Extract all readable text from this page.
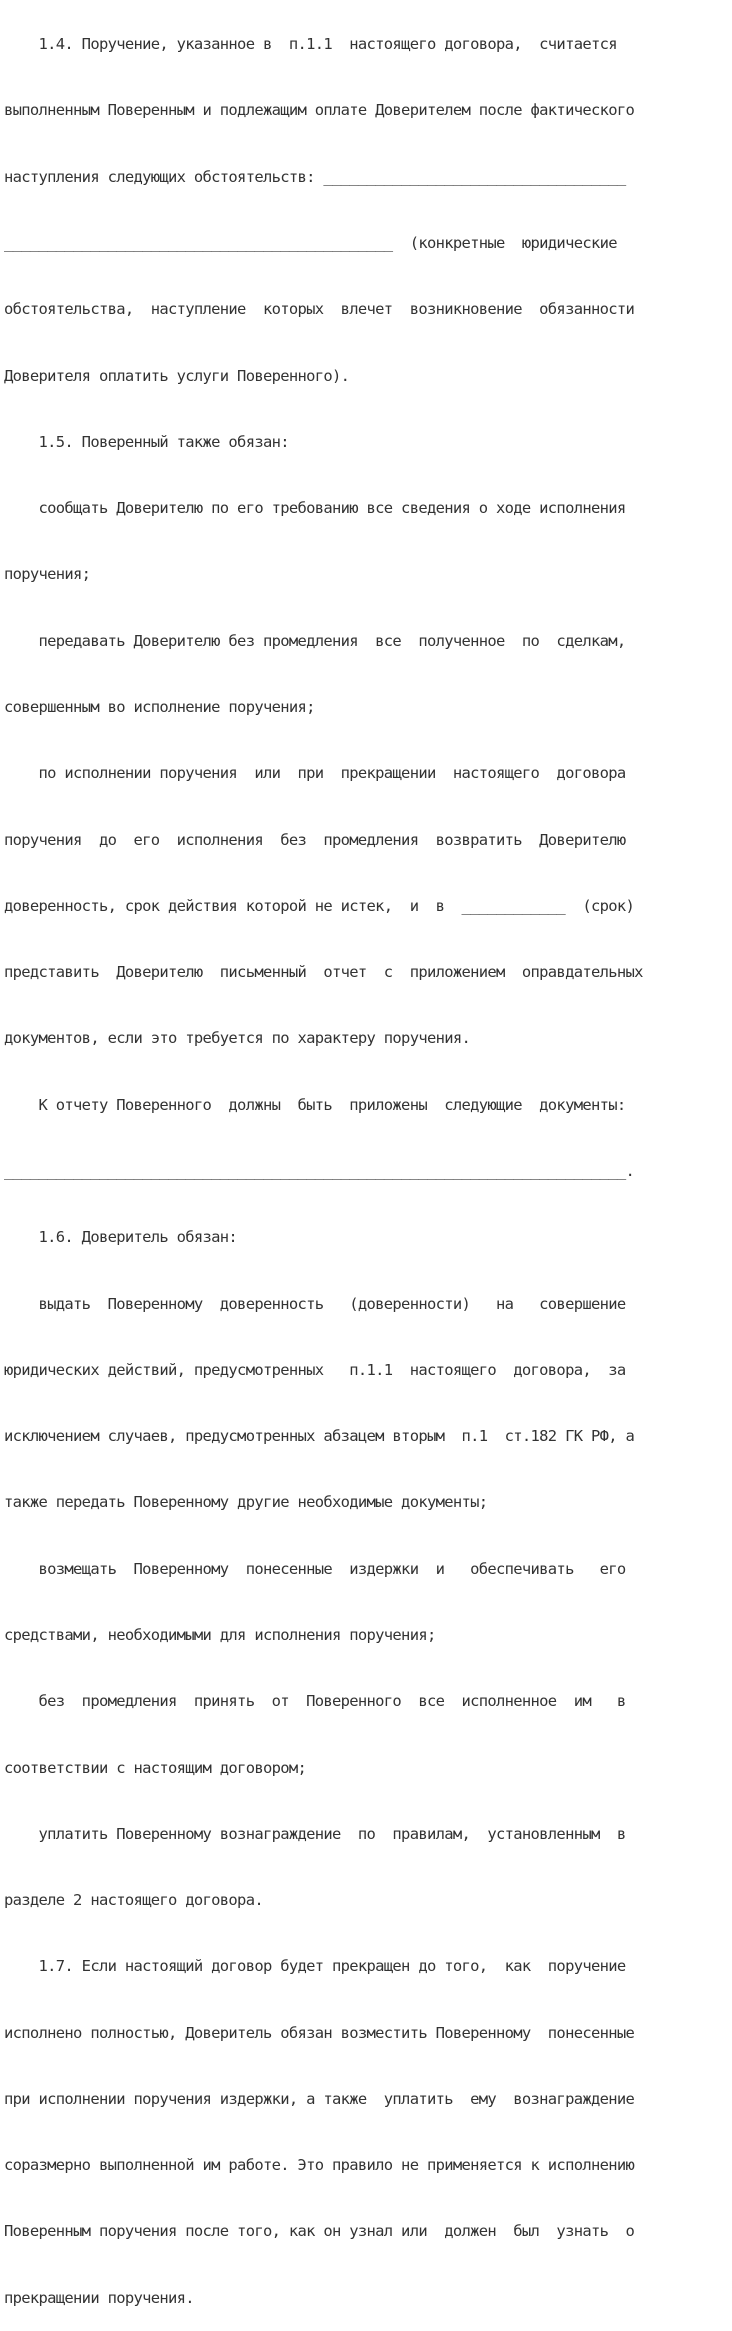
1.4. Поручение, указанное в  п.1.1  настоящего договора,  считается

выполненным Поверенным и подлежащим оплате Доверителем после фактического

наступления следующих обстоятельств: ___________________________________

_____________________________________________  (конкретные  юридические

обстоятельства,  наступление  которых  влечет  возникновение  обязанности

Доверителя оплатить услуги Поверенного).

1.5. Поверенный также обязан:

сообщать Доверителю по его требованию все сведения о ходе исполнения

поручения;

передавать Доверителю без промедления  все  полученное  по  сделкам,

совершенным во исполнение поручения;

по исполнении поручения  или  при  прекращении  настоящего  договора

поручения  до  его  исполнения  без  промедления  возвратить  Доверителю

доверенность, срок действия которой не истек,  и  в  ____________  (срок)

представить  Доверителю  письменный  отчет  с  приложением  оправдательных

документов, если это требуется по характеру поручения.

К отчету Поверенного  должны  быть  приложены  следующие  документы:

________________________________________________________________________.

1.6. Доверитель обязан:

выдать  Поверенному  доверенность   (доверенности)   на   совершение

юридических действий, предусмотренных   п.1.1  настоящего  договора,  за

исключением случаев, предусмотренных абзацем вторым  п.1  ст.182 ГК РФ, а

также передать Поверенному другие необходимые документы;

возмещать  Поверенному  понесенные  издержки  и   обеспечивать   его

средствами, необходимыми для исполнения поручения;

без  промедления  принять  от  Поверенного  все  исполненное  им   в

соответствии с настоящим договором;

уплатить Поверенному вознаграждение  по  правилам,  установленным  в

разделе 2 настоящего договора.

1.7. Если настоящий договор будет прекращен до того,  как  поручение

исполнено полностью, Доверитель обязан возместить Поверенному  понесенные

при исполнении поручения издержки, а также  уплатить  ему  вознаграждение

соразмерно выполненной им работе. Это правило не применяется к исполнению

Поверенным поручения после того, как он узнал или  должен  был  узнать  о

прекращении поручения.
